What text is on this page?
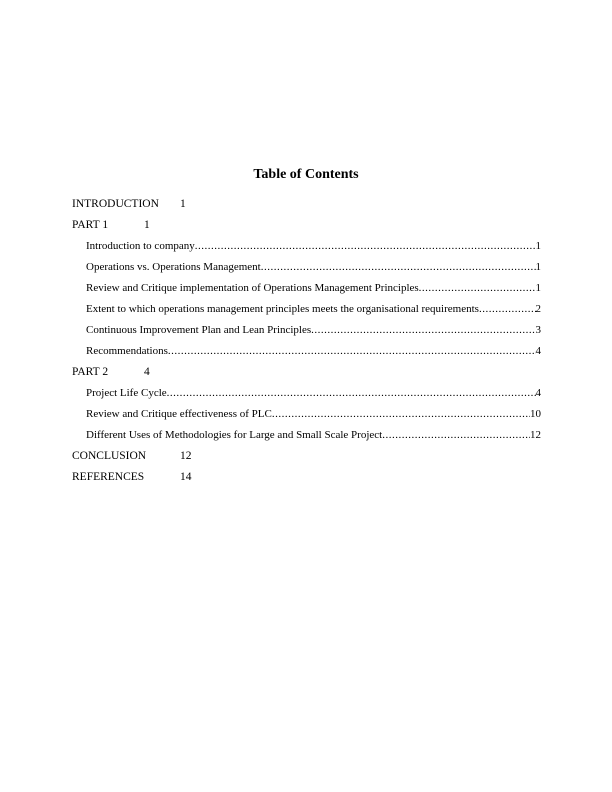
Table of Contents
INTRODUCTION 1
PART 1	1
Introduction to company .....	1
Operations vs. Operations Management .....	1
Review and Critique implementation of Operations Management Principles .....	1
Extent to which operations management principles meets the organisational requirements .....	2
Continuous Improvement Plan and Lean Principles .....	3
Recommendations .....	4
PART 2	4
Project Life Cycle .....	4
Review and Critique effectiveness of PLC .....	10
Different Uses of Methodologies for Large and Small Scale Project .....	12
CONCLUSION	12
REFERENCES	14
